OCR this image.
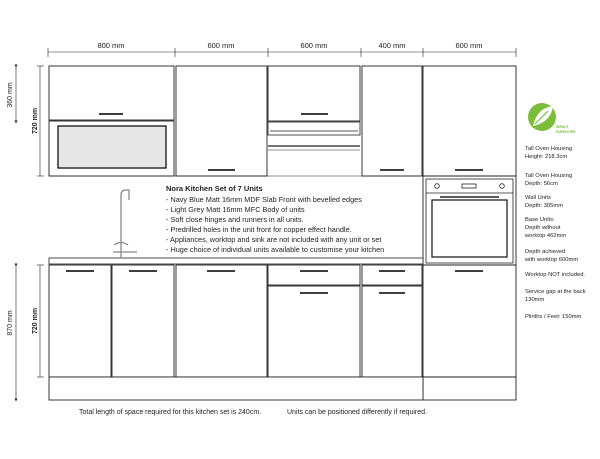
800 mm	600 mm	600 mm	400 mm	600 mm
360 mm
720 mm
720 mm
870 mm
Nora Kitchen Set of 7 Units
- Navy Blue Matt 16mm MDF Slab Front with bevelled edges
- Light Grey Matt 16mm MFC Body of units
- Soft close hinges and runners in all units.
- Predrilled holes in the unit front for copper effect handle.
- Appliances, worktop and sink are not included with any unit or set
- Huge choice of individual units available to customise your kitchen
IMPACT
FURNITURE
Tall Oven Housing
Height: 218.3cm
Tall Oven Housing
Depth: 56cm
Wall Units
Depth: 305mm
Base Units:
Depth without
worktop 462mm
Depth achieved
with worktop 600mm
Worktop NOT included.
Service gap at the back
130mm
Plinths / Feet: 150mm
Total length of space required for this kitchen set is 240cm.	Units can be positioned differently if required.
